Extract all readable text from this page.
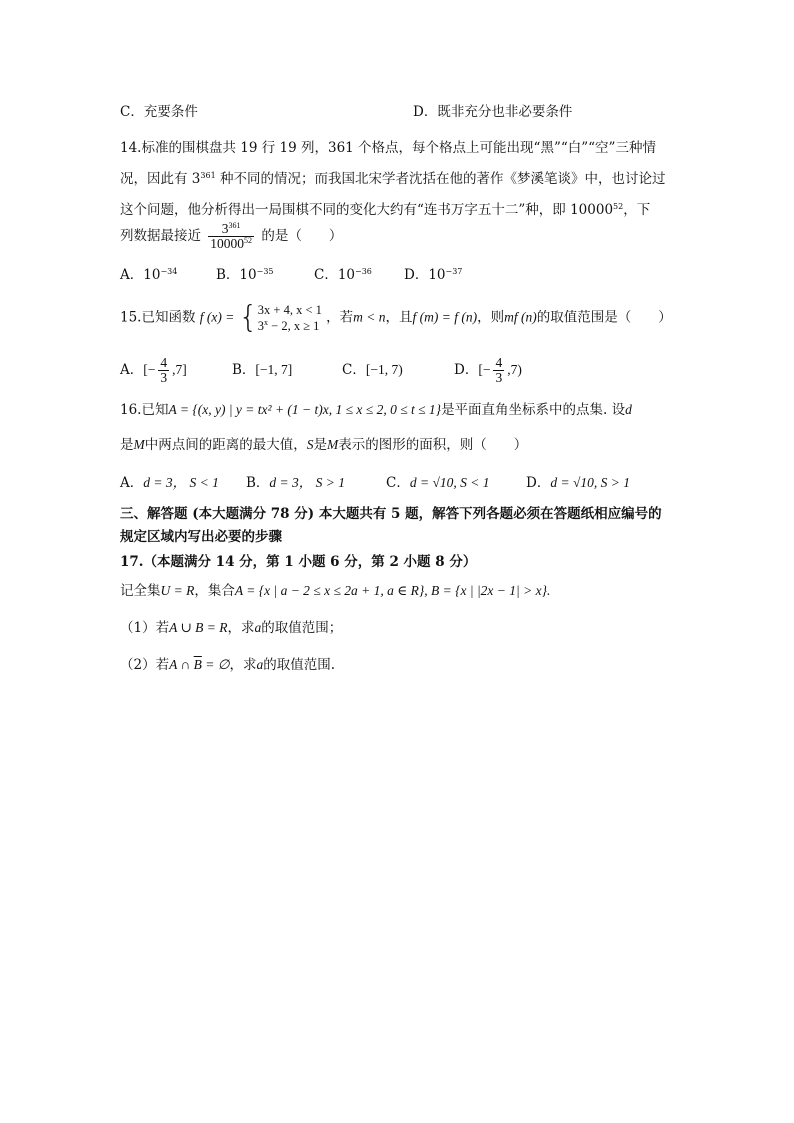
C．充要条件	D．既非充分也非必要条件
14.标准的围棋盘共 19 行 19 列，361 个格点，每个格点上可能出现“黑”“白”“空”三种情
况，因此有 $3^{361}$ 种不同的情况；而我国北宋学者沈括在他的著作《梦溪笔谈》中，也讨论过
这个问题，他分析得出一局围棋不同的变化大约有“连书万字五十二”种，即 10000$^{52}$，下
列数据最接近 $\frac{3^{361}}{10000^{52}}$ 的是（　　）
A．$10^{-34}$	B．$10^{-35}$	C．$10^{-36}$ D．$10^{-37}$
15.已知函数 f (x) = { 3x + 4, x < 1
$3^x - 2$, x ≥ 1
，若m < n，且f (m) = f (n)，则mf (n)的取值范围是（　　）
A．[− $\frac{4}{3} ,7$]	B．[−1, 7]	C．[−1, 7)	D．[− $\frac{4}{3} ,7$)
16.已知A = {(x, y) | y = tx² + (1 − t)x, 1 ≤ x ≤ 2, 0 ≤ t ≤ 1}是平面直角坐标系中的点集. 设d
是M中两点间的距离的最大值，S是M表示的图形的面积，则（　　）
A．d = 3， S < 1 B．d = 3， S > 1	C．d = √10, S < 1	D．d = √10, S > 1
三、解答题 (本大题满分 78 分) 本大题共有 5 题，解答下列各题必须在答题纸相应编号的
规定区域内写出必要的步骤
17.（本题满分 14 分，第 1 小题 6 分，第 2 小题 8 分）
记全集U = R，集合A = {x | a − 2 ≤ x ≤ 2a + 1, a ∈ R}, B = {x | |2x − 1| > x}.
（1）若A ∪ B = R，求a的取值范围；
（2）若A ∩ $\overline{B}$ = ∅，求a的取值范围.
